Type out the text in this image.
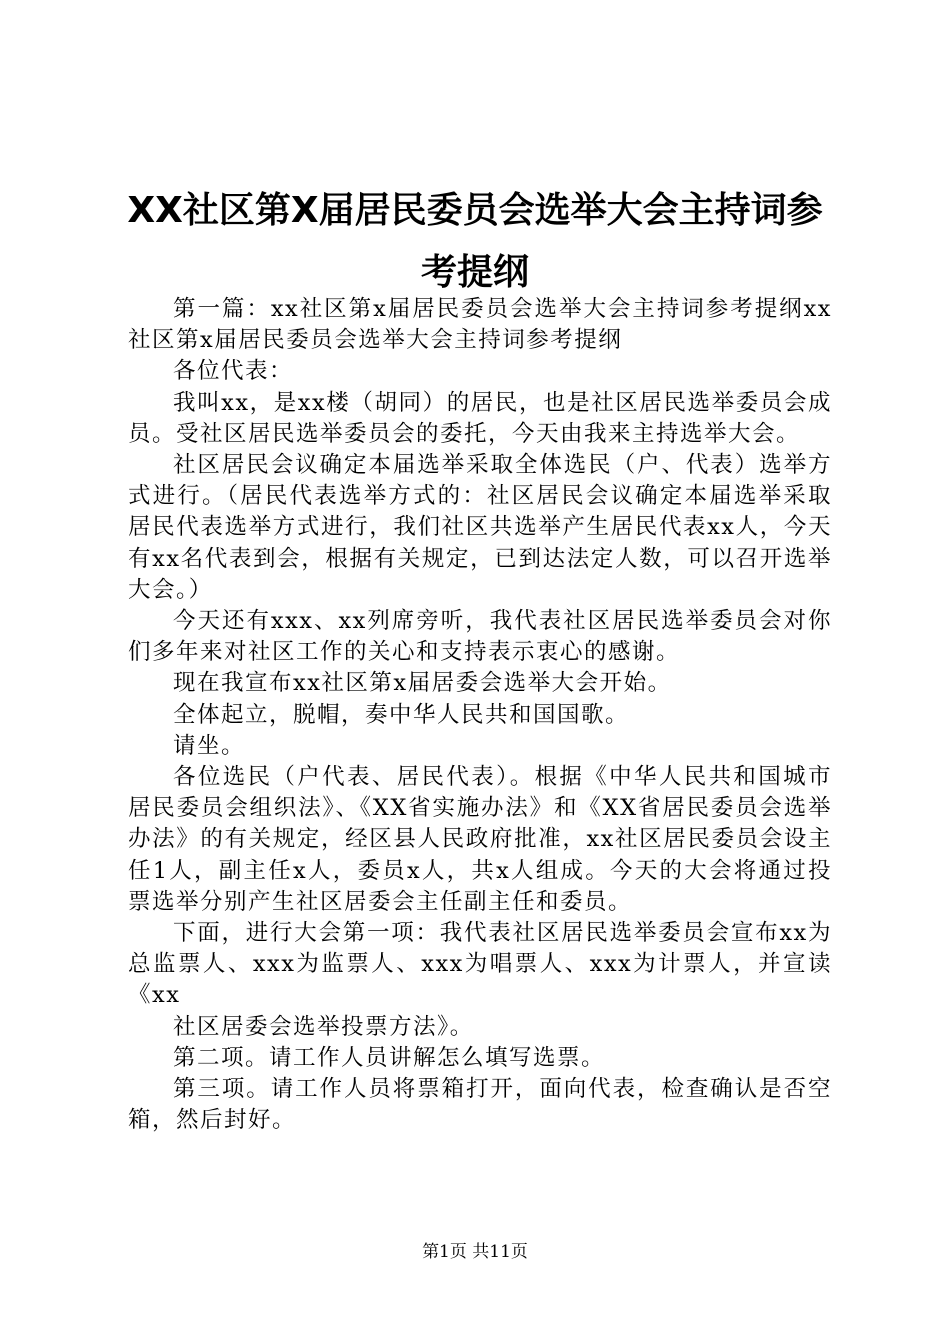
XX社区第X届居民委员会选举大会主持词参考提纲

第一篇：xx社区第x届居民委员会选举大会主持词参考提纲xx社区第x届居民委员会选举大会主持词参考提纲

各位代表：

我叫xx，是xx楼（胡同）的居民，也是社区居民选举委员会成员。受社区居民选举委员会的委托，今天由我来主持选举大会。

社区居民会议确定本届选举采取全体选民（户、代表）选举方式进行。（居民代表选举方式的：社区居民会议确定本届选举采取居民代表选举方式进行，我们社区共选举产生居民代表xx人，今天有xx名代表到会，根据有关规定，已到达法定人数，可以召开选举大会。）

今天还有xxx、xx列席旁听，我代表社区居民选举委员会对你们多年来对社区工作的关心和支持表示衷心的感谢。

现在我宣布xx社区第x届居委会选举大会开始。

全体起立，脱帽，奏中华人民共和国国歌。

请坐。

各位选民（户代表、居民代表）。根据《中华人民共和国城市居民委员会组织法》、《XX省实施办法》和《XX省居民委员会选举办法》的有关规定，经区县人民政府批准，xx社区居民委员会设主任1人，副主任x人，委员x人，共x人组成。今天的大会将通过投票选举分别产生社区居委会主任副主任和委员。

下面，进行大会第一项：我代表社区居民选举委员会宣布xx为总监票人、xxx为监票人、xxx为唱票人、xxx为计票人，并宣读《xx

社区居委会选举投票方法》。

第二项。请工作人员讲解怎么填写选票。

第三项。请工作人员将票箱打开，面向代表，检查确认是否空箱，然后封好。

第1页 共11页
